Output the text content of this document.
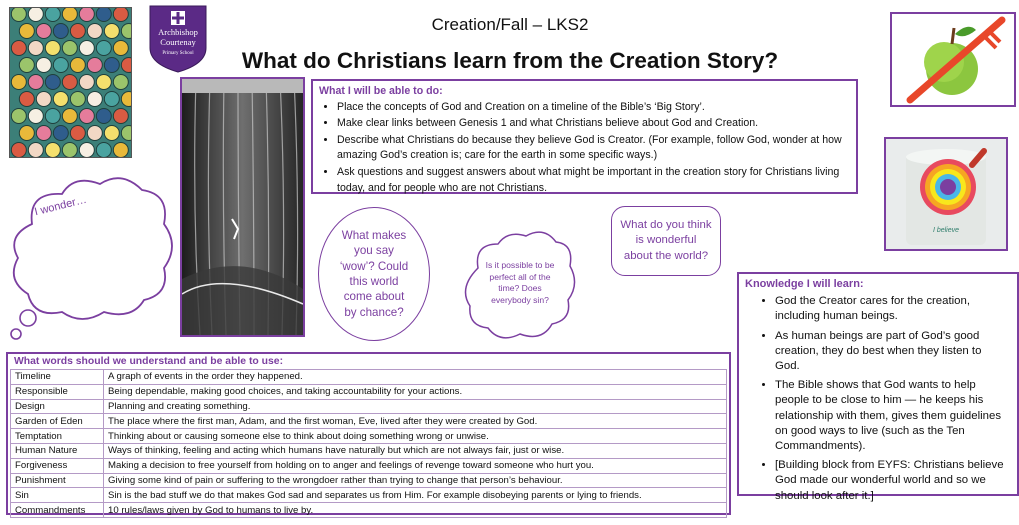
Archbishop
Courtenay
Primary School
Creation/Fall – LKS2
What do Christians learn from the Creation Story?
I believe
I wonder…
What I will be able to do:
• Place the concepts of God and Creation on a timeline of the Bible’s ‘Big Story’.
• Make clear links between Genesis 1 and what Christians believe about God and Creation.
• Describe what Christians do because they believe God is Creator. (For example, follow God, wonder at how amazing God’s creation is; care for the earth in some specific ways.)
• Ask questions and suggest answers about what might be important in the creation story for Christians living today, and for people who are not Christians.
What makes you say ‘wow’? Could this world come about by chance?
Is it possible to be perfect all of the time? Does everybody sin?
What do you think is wonderful about the world?
Knowledge I will learn:
• God the Creator cares for the creation, including human beings.
• As human beings are part of God’s good creation, they do best when they listen to God.
• The Bible shows that God wants to help people to be close to him — he keeps his relationship with them, gives them guidelines on good ways to live (such as the Ten Commandments).
• [Building block from EYFS: Christians believe God made our wonderful world and so we should look after it.]
What words should we understand and be able to use:
Timeline	A graph of events in the order they happened.
Responsible	Being dependable, making good choices, and taking accountability for your actions.
Design	Planning and creating something.
Garden of Eden	The place where the first man, Adam, and the first woman, Eve, lived after they were created by God.
Temptation	Thinking about or causing someone else to think about doing something wrong or unwise.
Human Nature	Ways of thinking, feeling and acting which humans have naturally but which are not always fair, just or wise.
Forgiveness	Making a decision to free yourself from holding on to anger and feelings of revenge toward someone who hurt you.
Punishment	Giving some kind of pain or suffering to the wrongdoer rather than trying to change that person’s behaviour.
Sin	Sin is the bad stuff we do that makes God sad and separates us from Him. For example disobeying parents or lying to friends.
Commandments	10 rules/laws given by God to humans to live by.
